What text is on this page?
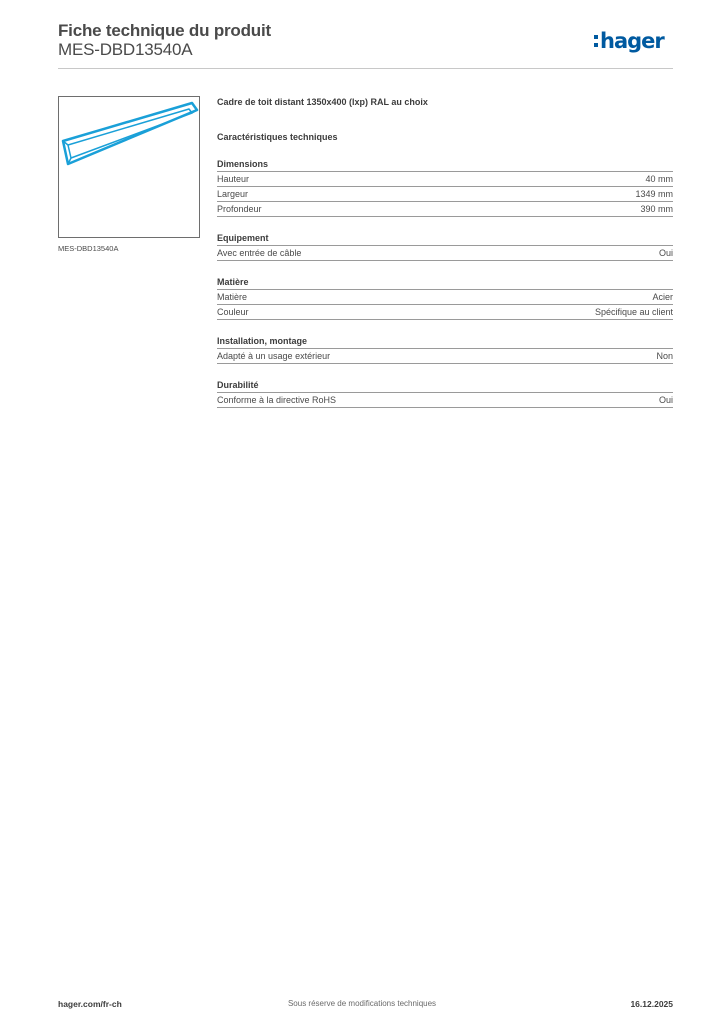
Fiche technique du produit
MES-DBD13540A	hager
MES-DBD13540A
Cadre de toit distant 1350x400 (lxp) RAL au choix
Caractéristiques techniques
Dimensions
Hauteur	40 mm
Largeur	1349 mm
Profondeur	390 mm
Equipement
Avec entrée de câble	Oui
Matière
Matière	Acier
Couleur	Spécifique au client
Installation, montage
Adapté à un usage extérieur	Non
Durabilité
Conforme à la directive RoHS	Oui
hager.com/fr-ch	Sous réserve de modifications techniques	16.12.2025
